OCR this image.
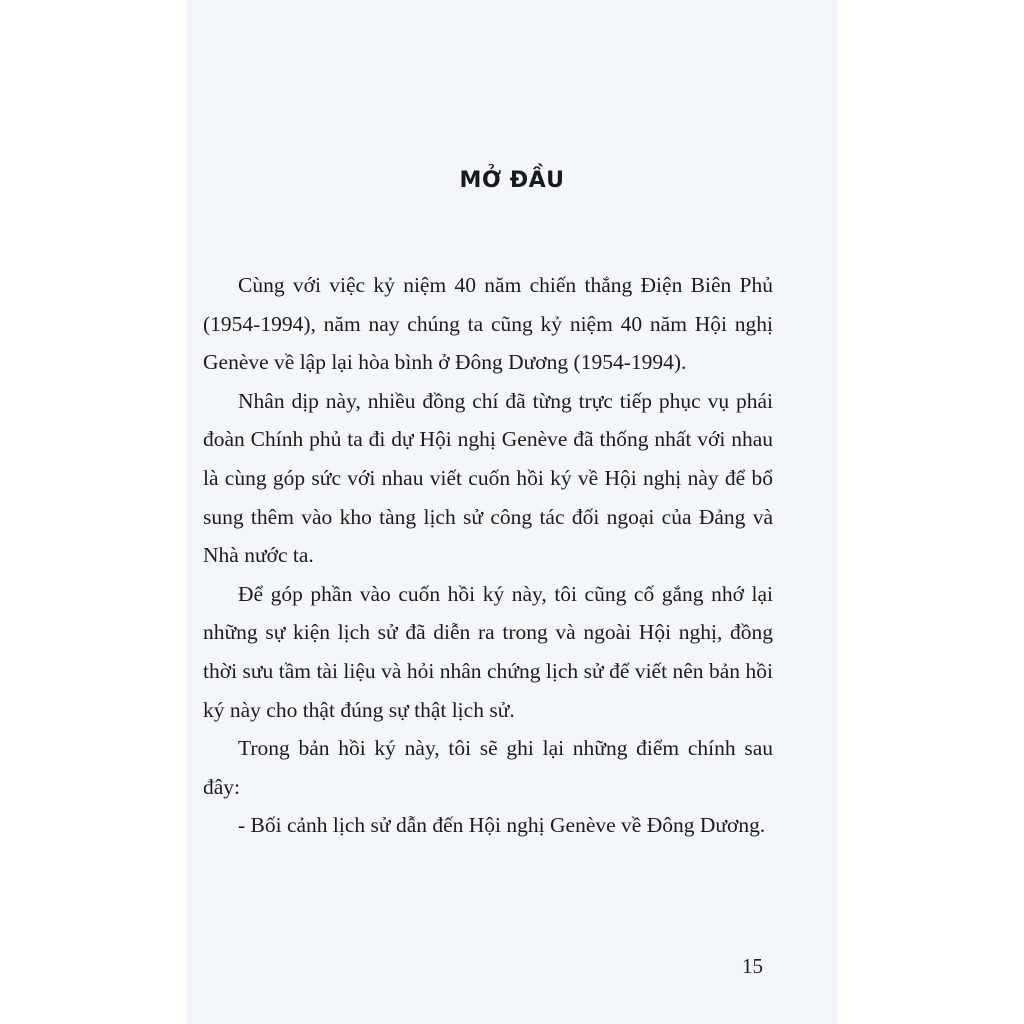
MỞ ĐẦU

Cùng với việc kỷ niệm 40 năm chiến thắng Điện Biên Phủ (1954-1994), năm nay chúng ta cũng kỷ niệm 40 năm Hội nghị Genève về lập lại hòa bình ở Đông Dương (1954-1994).

Nhân dịp này, nhiều đồng chí đã từng trực tiếp phục vụ phái đoàn Chính phủ ta đi dự Hội nghị Genève đã thống nhất với nhau là cùng góp sức với nhau viết cuốn hồi ký về Hội nghị này để bổ sung thêm vào kho tàng lịch sử công tác đối ngoại của Đảng và Nhà nước ta.

Để góp phần vào cuốn hồi ký này, tôi cũng cố gắng nhớ lại những sự kiện lịch sử đã diễn ra trong và ngoài Hội nghị, đồng thời sưu tầm tài liệu và hỏi nhân chứng lịch sử để viết nên bản hồi ký này cho thật đúng sự thật lịch sử.

Trong bản hồi ký này, tôi sẽ ghi lại những điểm chính sau đây:

- Bối cảnh lịch sử dẫn đến Hội nghị Genève về Đông Dương.

15
